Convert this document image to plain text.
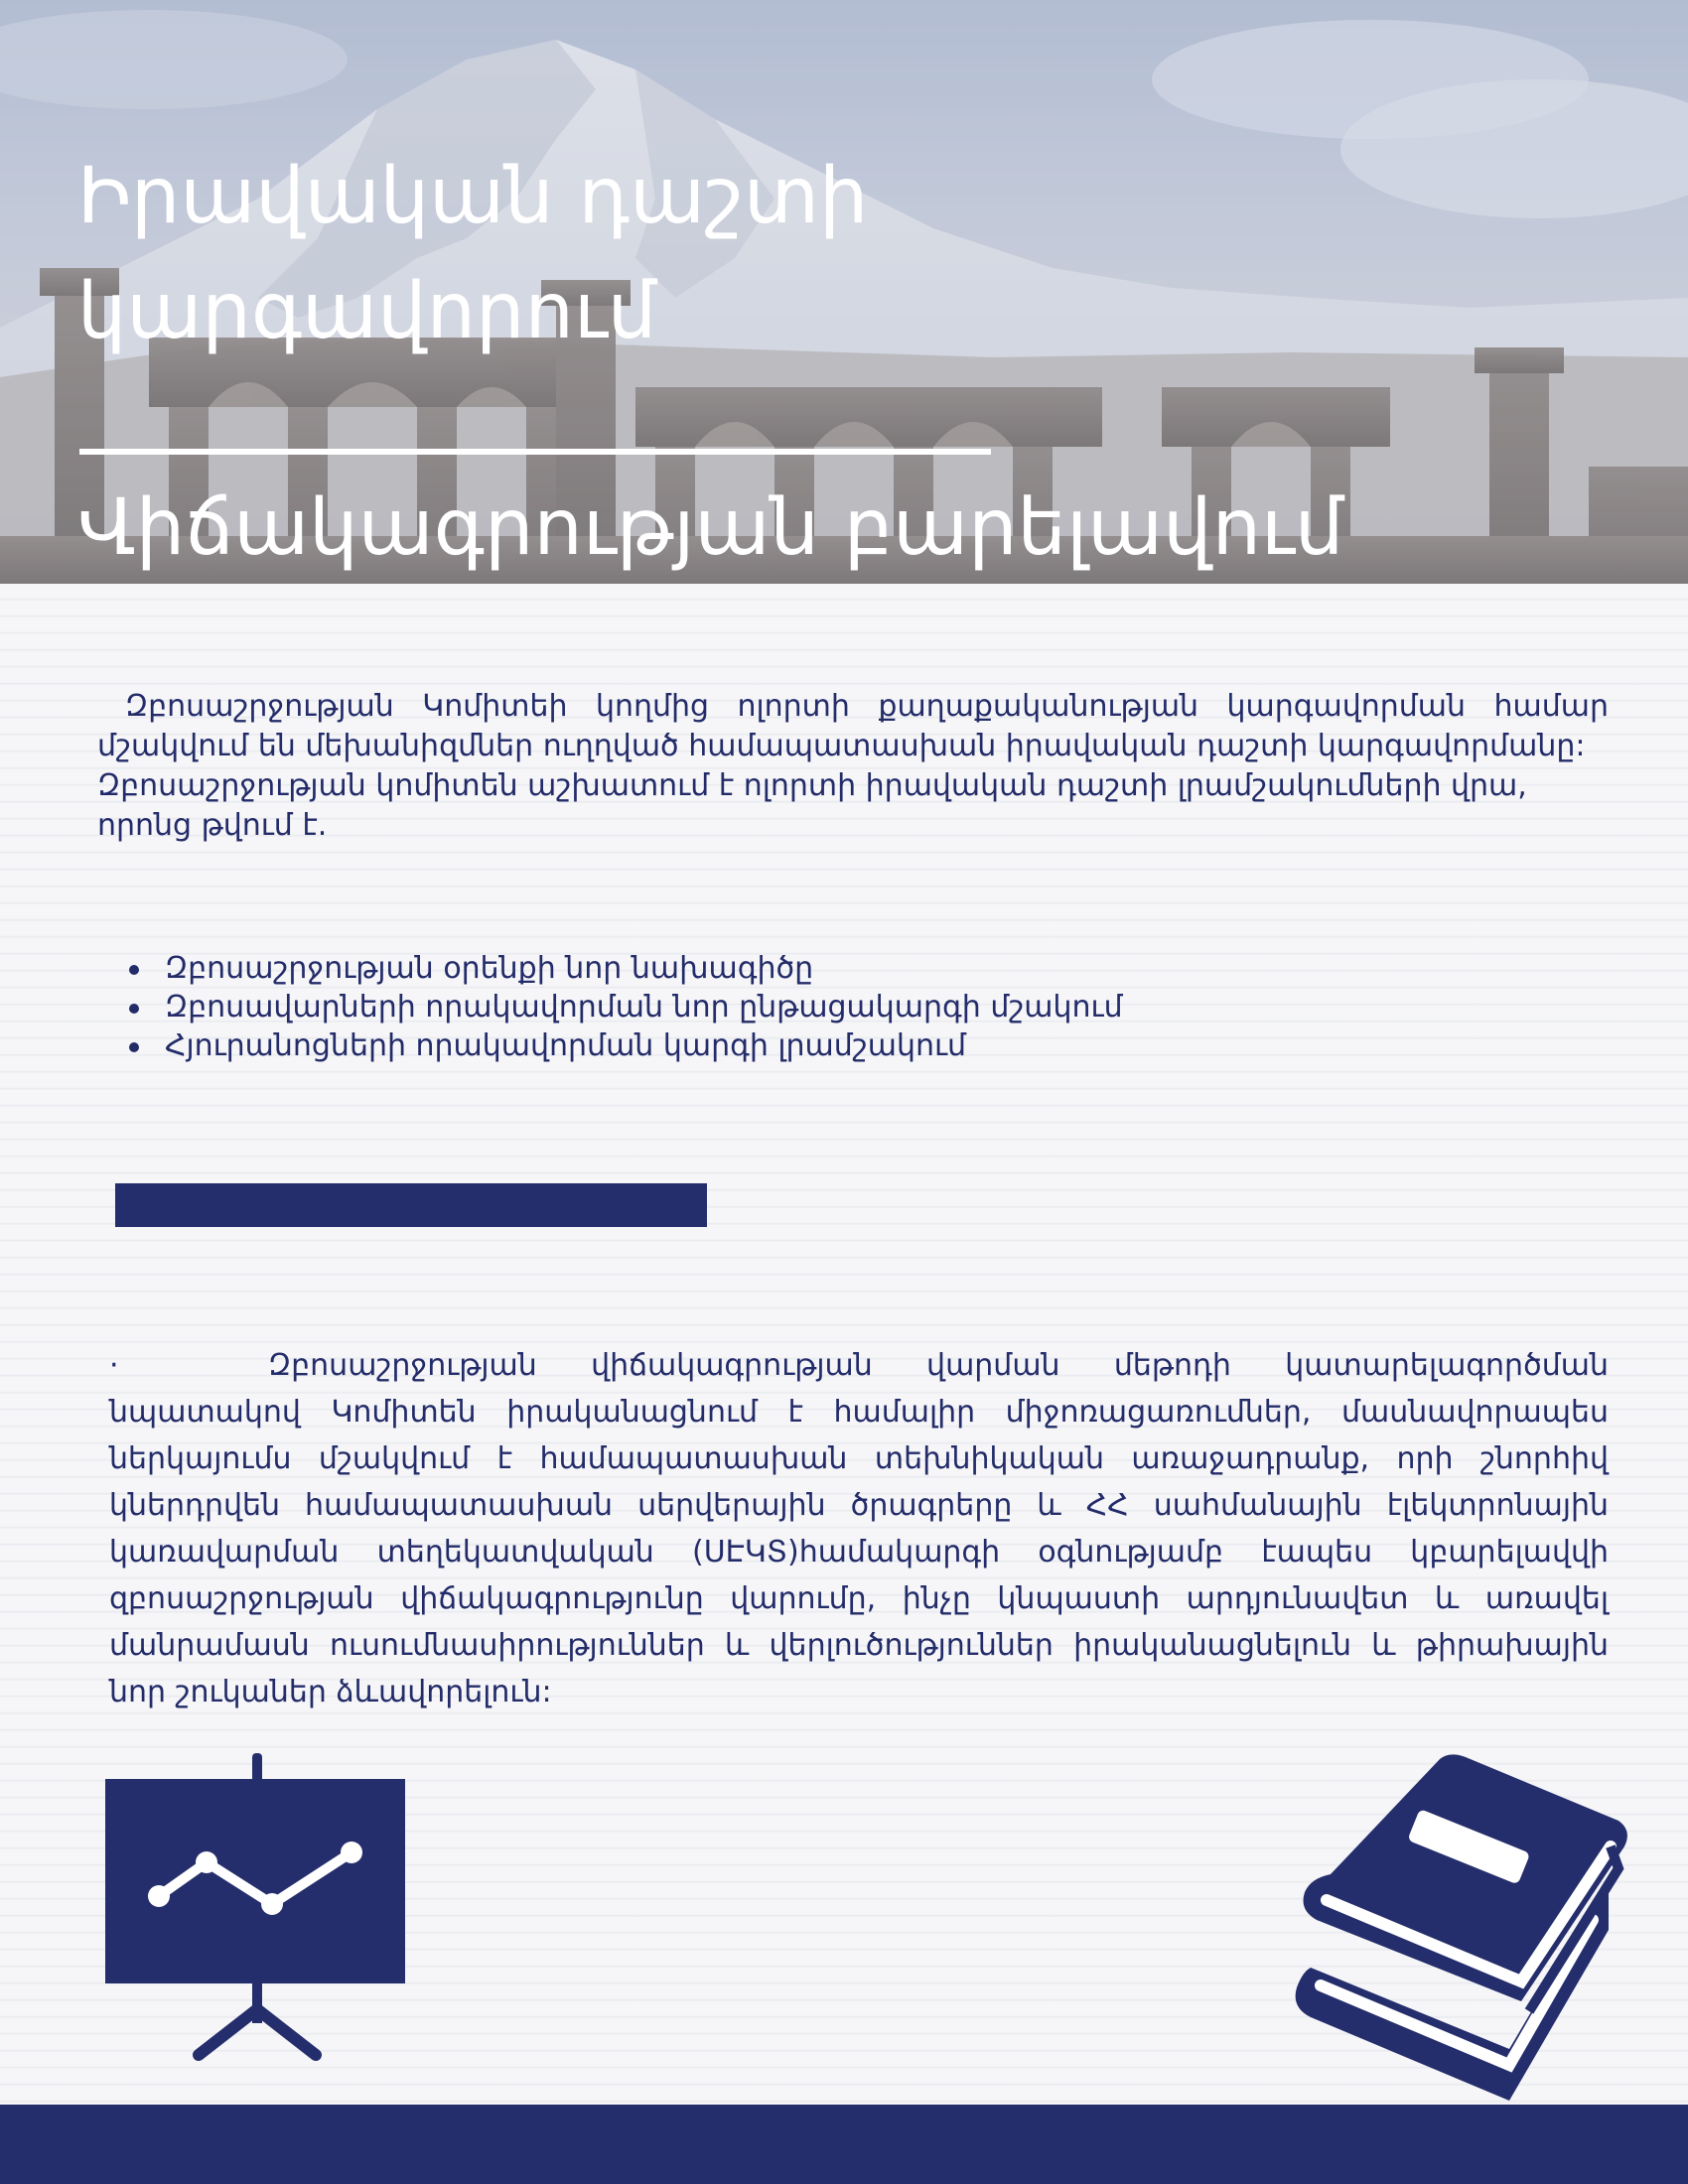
Իրավական դաշտի կարգավորում
Վիճակագրության բարելավում

Զբոսաշրջության Կոմիտեի կողմից ոլորտի քաղաքականության կարգավորման համար մշակվում են մեխանիզմներ ուղղված համապատասխան իրավական դաշտի կարգավորմանը:

Զբոսաշրջության կոմիտեն աշխատում է ոլորտի իրավական դաշտի լրամշակումների վրա, որոնց թվում է.

Զբոսաշրջության օրենքի նոր նախագիծը
Զբոսավարների որակավորման նոր ընթացակարգի մշակում
Հյուրանոցների որակավորման կարգի լրամշակում

·	Զբոսաշրջության վիճակագրության վարման մեթոդի կատարելագործման նպատակով Կոմիտեն իրականացնում է համալիր միջոռացառումներ, մասնավորապես ներկայումս մշակվում է համապատասխան տեխնիկական առաջադրանք, որի շնորհիվ կներդրվեն համապատասխան սերվերային ծրագրերը և ՀՀ սահմանային էլեկտրոնային կառավարման տեղեկատվական (ՍԷԿՏ)համակարգի օգնությամբ էապես կբարելավվի զբոսաշրջության վիճակագրությունը վարումը, ինչը կնպաստի արդյունավետ և առավել մանրամասն ուսումնասիրություններ և վերլուծություններ իրականացնելուն և թիրախային նոր շուկաներ ձևավորելուն:
